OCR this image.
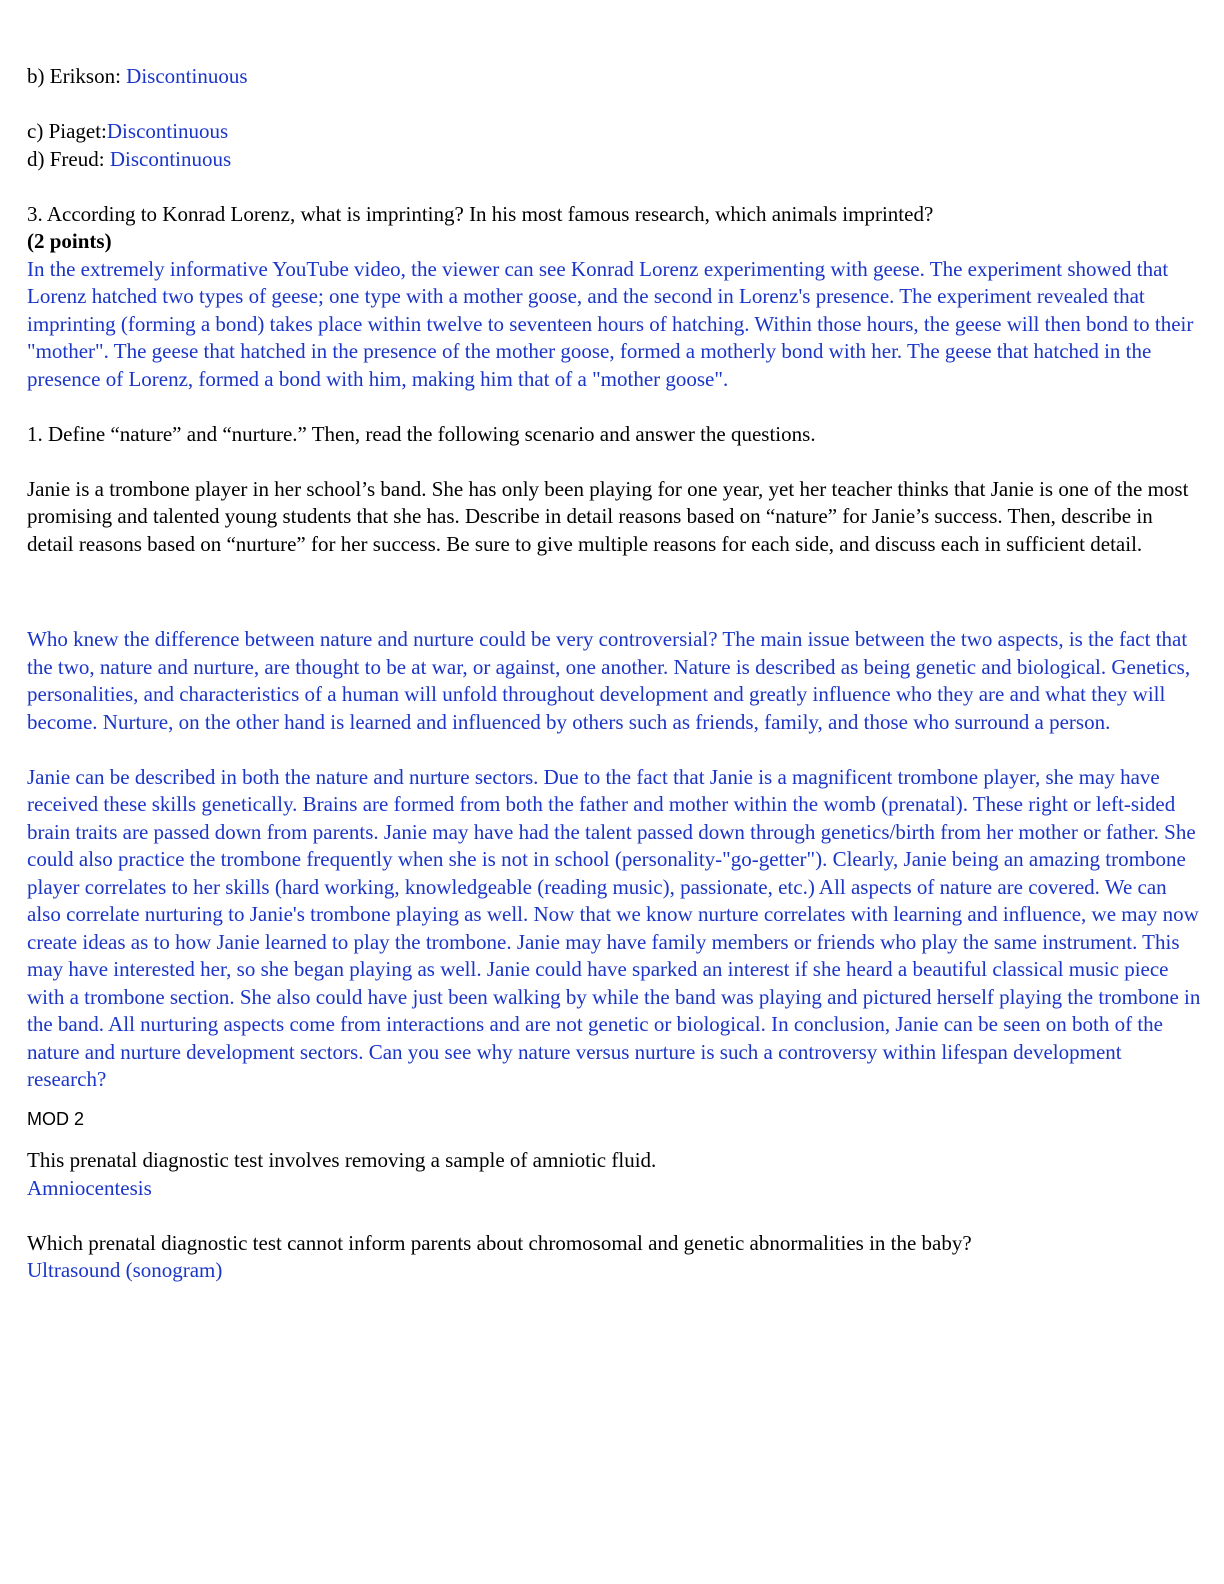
b) Erikson: Discontinuous

c) Piaget:Discontinuous

d) Freud: Discontinuous

3. According to Konrad Lorenz, what is imprinting? In his most famous research, which animals imprinted?

(2 points)

In the extremely informative YouTube video, the viewer can see Konrad Lorenz experimenting with geese. The experiment showed that Lorenz hatched two types of geese; one type with a mother goose, and the second in Lorenz's presence. The experiment revealed that imprinting (forming a bond) takes place within twelve to seventeen hours of hatching. Within those hours, the geese will then bond to their "mother". The geese that hatched in the presence of the mother goose, formed a motherly bond with her. The geese that hatched in the presence of Lorenz, formed a bond with him, making him that of a "mother goose".

1. Define “nature” and “nurture.” Then, read the following scenario and answer the questions.

Janie is a trombone player in her school’s band. She has only been playing for one year, yet her teacher thinks that Janie is one of the most promising and talented young students that she has. Describe in detail reasons based on “nature” for Janie’s success. Then, describe in detail reasons based on “nurture” for her success. Be sure to give multiple reasons for each side, and discuss each in sufficient detail.

Who knew the difference between nature and nurture could be very controversial? The main issue between the two aspects, is the fact that the two, nature and nurture, are thought to be at war, or against, one another. Nature is described as being genetic and biological. Genetics, personalities, and characteristics of a human will unfold throughout development and greatly influence who they are and what they will become. Nurture, on the other hand is learned and influenced by others such as friends, family, and those who surround a person.

Janie can be described in both the nature and nurture sectors. Due to the fact that Janie is a magnificent trombone player, she may have received these skills genetically. Brains are formed from both the father and mother within the womb (prenatal). These right or left-sided brain traits are passed down from parents. Janie may have had the talent passed down through genetics/birth from her mother or father. She could also practice the trombone frequently when she is not in school (personality-"go-getter"). Clearly, Janie being an amazing trombone player correlates to her skills (hard working, knowledgeable (reading music), passionate, etc.) All aspects of nature are covered. We can also correlate nurturing to Janie's trombone playing as well. Now that we know nurture correlates with learning and influence, we may now create ideas as to how Janie learned to play the trombone. Janie may have family members or friends who play the same instrument. This may have interested her, so she began playing as well. Janie could have sparked an interest if she heard a beautiful classical music piece with a trombone section. She also could have just been walking by while the band was playing and pictured herself playing the trombone in the band. All nurturing aspects come from interactions and are not genetic or biological. In conclusion, Janie can be seen on both of the nature and nurture development sectors. Can you see why nature versus nurture is such a controversy within lifespan development research?

MOD 2

This prenatal diagnostic test involves removing a sample of amniotic fluid.

Amniocentesis

Which prenatal diagnostic test cannot inform parents about chromosomal and genetic abnormalities in the baby?

Ultrasound (sonogram)
